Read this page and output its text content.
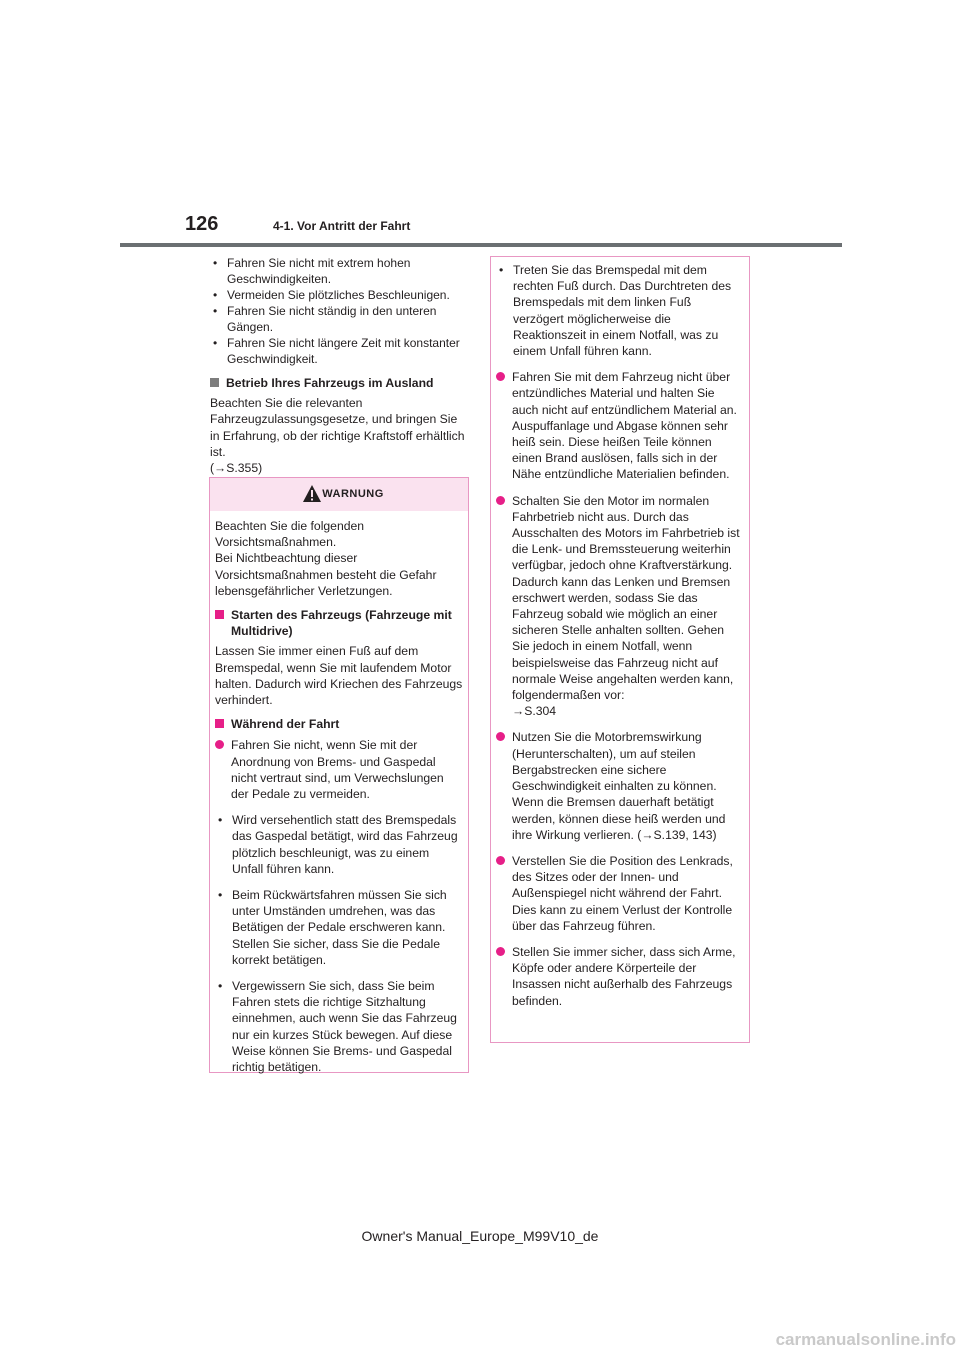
126	4-1. Vor Antritt der Fahrt
• Fahren Sie nicht mit extrem hohen Geschwindigkeiten.
• Vermeiden Sie plötzliches Beschleunigen.
• Fahren Sie nicht ständig in den unteren Gängen.
• Fahren Sie nicht längere Zeit mit konstanter Geschwindigkeit.
Betrieb Ihres Fahrzeugs im Ausland
Beachten Sie die relevanten Fahrzeugzulassungsgesetze, und bringen Sie in Erfahrung, ob der richtige Kraftstoff erhältlich ist.
(→S.355)
WARNUNG
Beachten Sie die folgenden Vorsichtsmaßnahmen.
Bei Nichtbeachtung dieser Vorsichtsmaßnahmen besteht die Gefahr lebensgefährlicher Verletzungen.
Starten des Fahrzeugs (Fahrzeuge mit Multidrive)
Lassen Sie immer einen Fuß auf dem Bremspedal, wenn Sie mit laufendem Motor halten. Dadurch wird Kriechen des Fahrzeugs verhindert.
Während der Fahrt
Fahren Sie nicht, wenn Sie mit der Anordnung von Brems- und Gaspedal nicht vertraut sind, um Verwechslungen der Pedale zu vermeiden.
• Wird versehentlich statt des Bremspedals das Gaspedal betätigt, wird das Fahrzeug plötzlich beschleunigt, was zu einem Unfall führen kann.
• Beim Rückwärtsfahren müssen Sie sich unter Umständen umdrehen, was das Betätigen der Pedale erschweren kann. Stellen Sie sicher, dass Sie die Pedale korrekt betätigen.
• Vergewissern Sie sich, dass Sie beim Fahren stets die richtige Sitzhaltung einnehmen, auch wenn Sie das Fahrzeug nur ein kurzes Stück bewegen. Auf diese Weise können Sie Brems- und Gaspedal richtig betätigen.
• Treten Sie das Bremspedal mit dem rechten Fuß durch. Das Durchtreten des Bremspedals mit dem linken Fuß verzögert möglicherweise die Reaktionszeit in einem Notfall, was zu einem Unfall führen kann.
Fahren Sie mit dem Fahrzeug nicht über entzündliches Material und halten Sie auch nicht auf entzündlichem Material an.
Auspuffanlage und Abgase können sehr heiß sein. Diese heißen Teile können einen Brand auslösen, falls sich in der Nähe entzündliche Materialien befinden.
Schalten Sie den Motor im normalen Fahrbetrieb nicht aus. Durch das Ausschalten des Motors im Fahrbetrieb ist die Lenk- und Bremssteuerung weiterhin verfügbar, jedoch ohne Kraftverstärkung. Dadurch kann das Lenken und Bremsen erschwert werden, sodass Sie das Fahrzeug sobald wie möglich an einer sicheren Stelle anhalten sollten. Gehen Sie jedoch in einem Notfall, wenn beispielsweise das Fahrzeug nicht auf normale Weise angehalten werden kann, folgendermaßen vor:
→S.304
Nutzen Sie die Motorbremswirkung (Herunterschalten), um auf steilen Bergabstrecken eine sichere Geschwindigkeit einhalten zu können.
Wenn die Bremsen dauerhaft betätigt werden, können diese heiß werden und ihre Wirkung verlieren. (→S.139, 143)
Verstellen Sie die Position des Lenkrads, des Sitzes oder der Innen- und Außenspiegel nicht während der Fahrt. Dies kann zu einem Verlust der Kontrolle über das Fahrzeug führen.
Stellen Sie immer sicher, dass sich Arme, Köpfe oder andere Körperteile der Insassen nicht außerhalb des Fahrzeugs befinden.
Owner's Manual_Europe_M99V10_de
carmanualsonline.info
